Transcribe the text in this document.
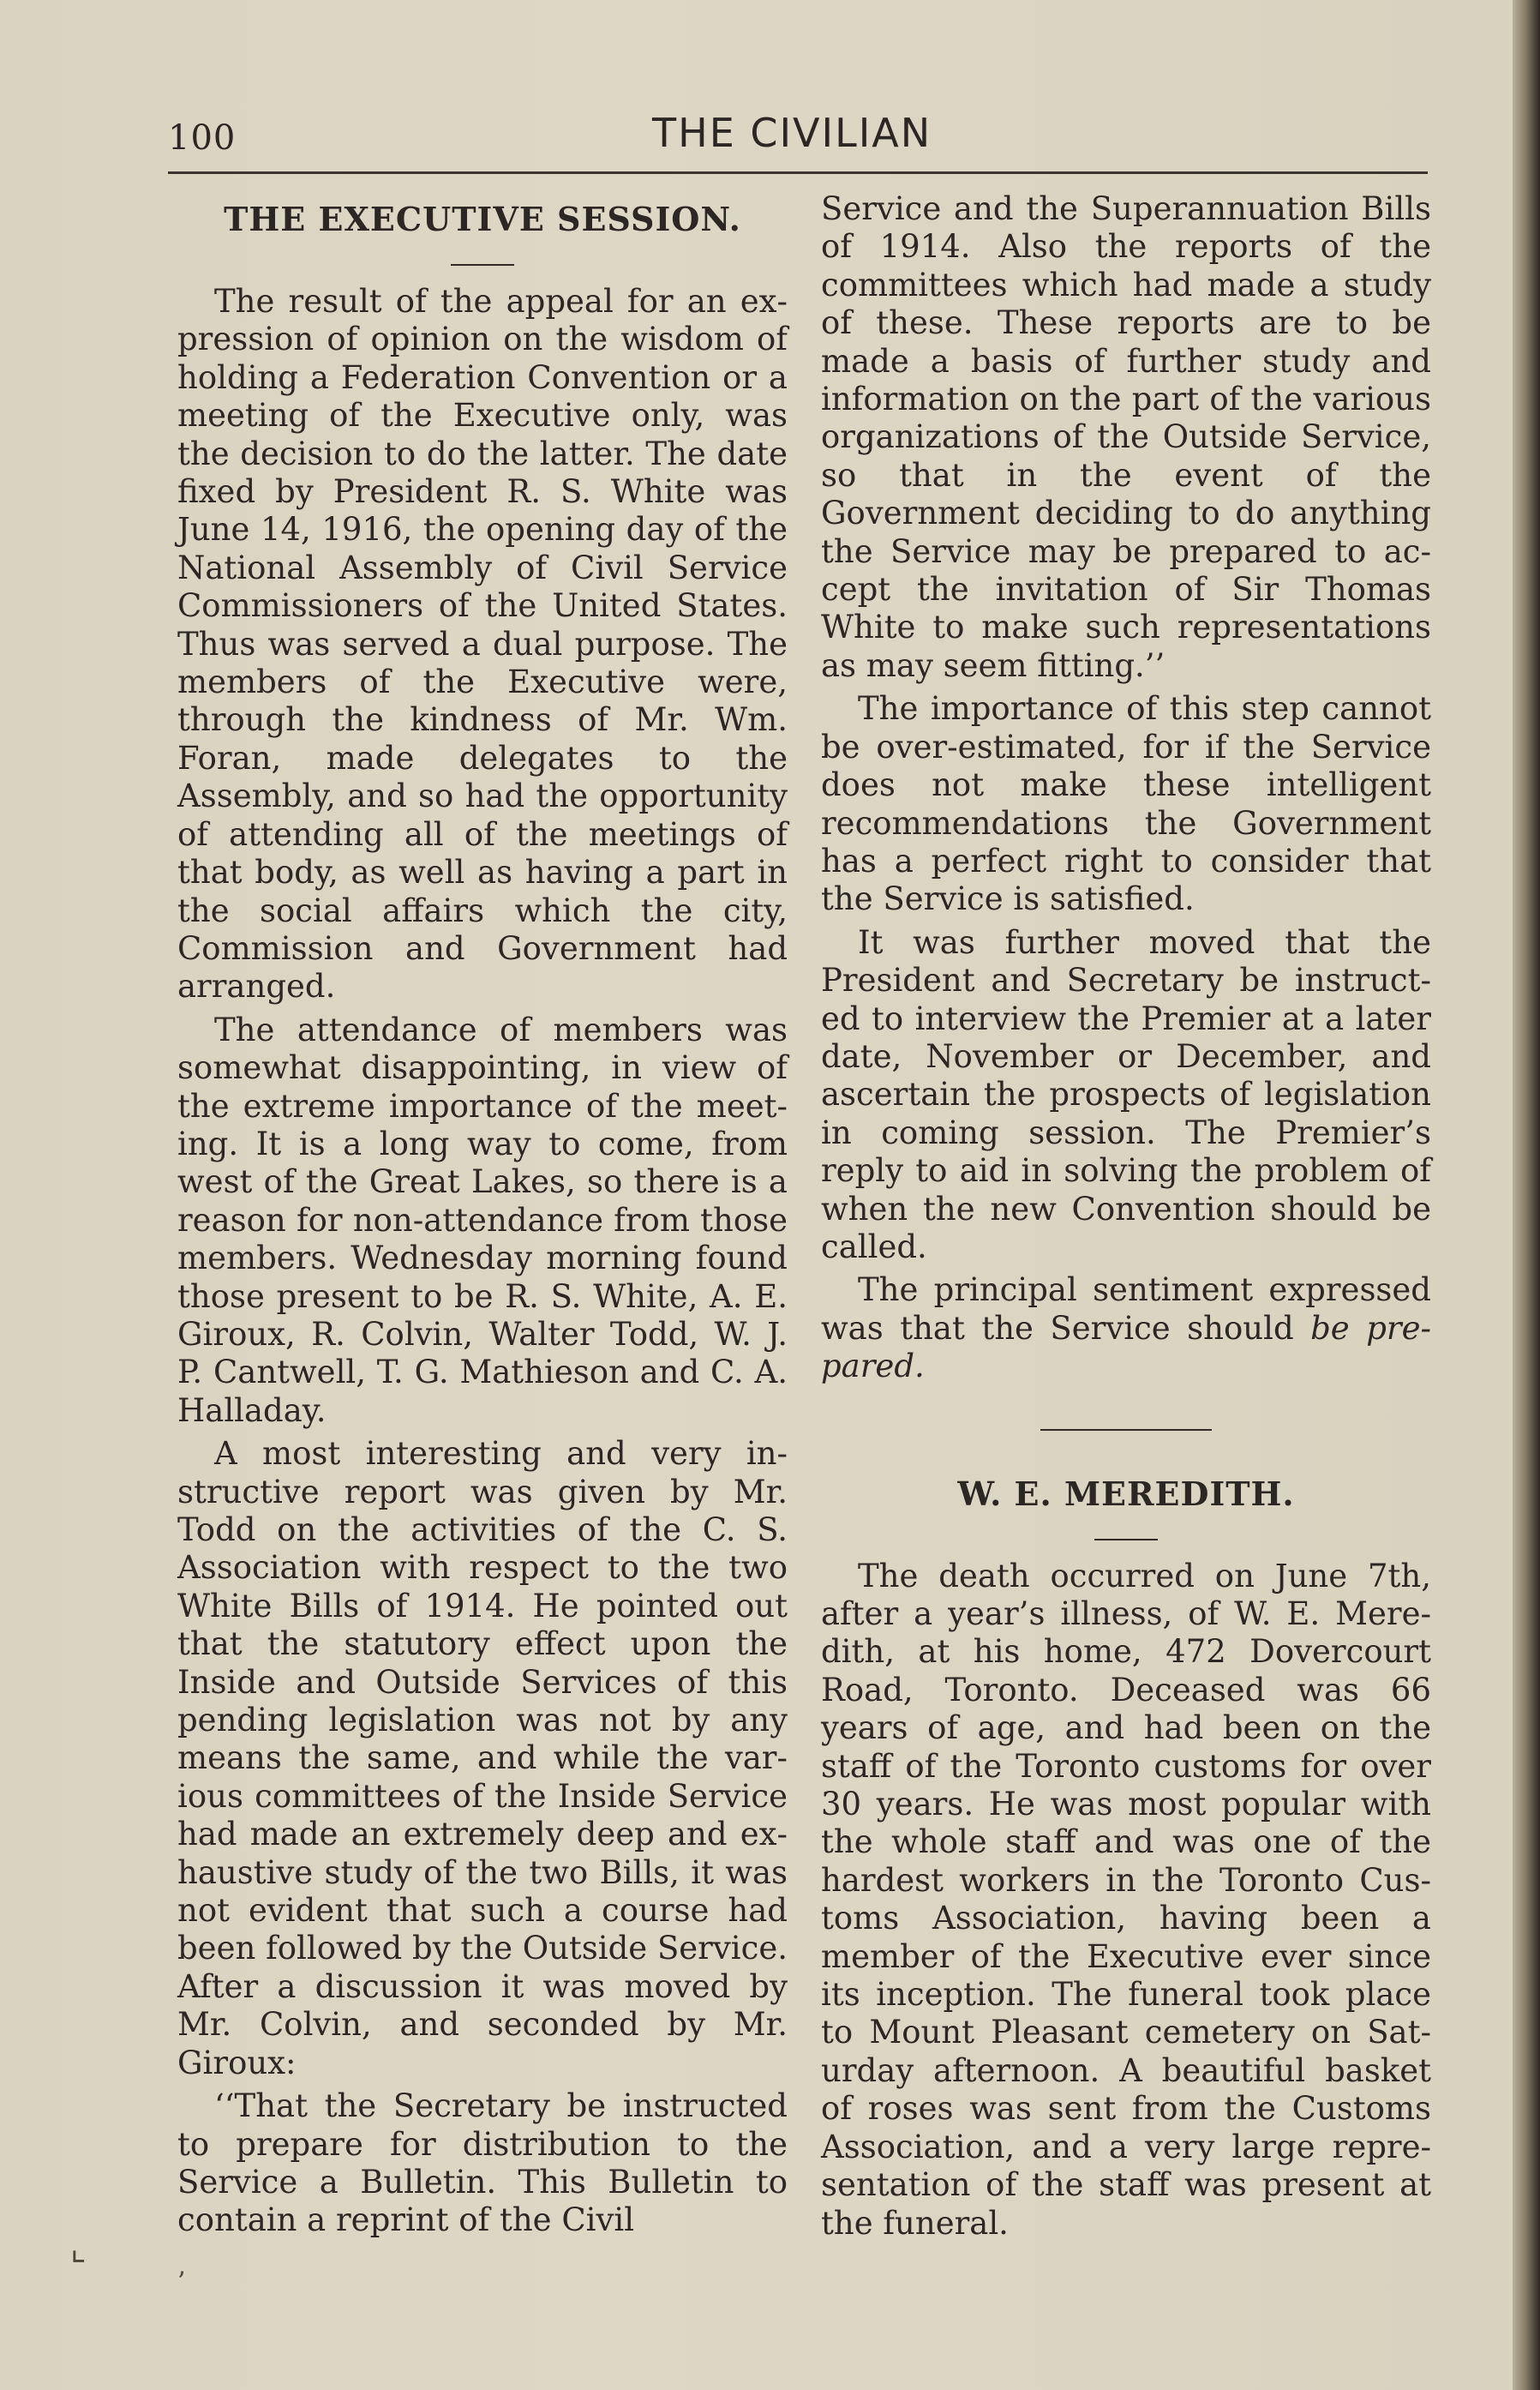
100	THE CIVILIAN
THE EXECUTIVE SESSION.

The result of the appeal for an expression of opinion on the wisdom of holding a Federation Convention or a meeting of the Executive only, was the decision to do the latter. The date fixed by President R. S. White was June 14, 1916, the opening day of the National Assembly of Civil Service Commissioners of the United States. Thus was served a dual purpose. The members of the Executive were, through the kindness of Mr. Wm. Foran, made delegates to the Assembly, and so had the opportunity of attending all of the meetings of that body, as well as having a part in the social affairs which the city, Commission and Government had arranged.

The attendance of members was somewhat disappointing, in view of the extreme importance of the meeting. It is a long way to come, from west of the Great Lakes, so there is a reason for non-attendance from those members. Wednesday morning found those present to be R. S. White, A. E. Giroux, R. Colvin, Walter Todd, W. J. P. Cantwell, T. G. Mathieson and C. A. Halladay.

A most interesting and very instructive report was given by Mr. Todd on the activities of the C. S. Association with respect to the two White Bills of 1914. He pointed out that the statutory effect upon the Inside and Outside Services of this pending legislation was not by any means the same, and while the various committees of the Inside Service had made an extremely deep and exhaustive study of the two Bills, it was not evident that such a course had been followed by the Outside Service. After a discussion it was moved by Mr. Colvin, and seconded by Mr. Giroux:

‘‘That the Secretary be instructed to prepare for distribution to the Service a Bulletin. This Bulletin to contain a reprint of the Civil

Service and the Superannuation Bills of 1914. Also the reports of the committees which had made a study of these. These reports are to be made a basis of further study and information on the part of the various organizations of the Outside Service, so that in the event of the Government deciding to do anything the Service may be prepared to accept the invitation of Sir Thomas White to make such representations as may seem fitting.’’

The importance of this step cannot be over-estimated, for if the Service does not make these intelligent recommendations the Government has a perfect right to consider that the Service is satisfied.

It was further moved that the President and Secretary be instructed to interview the Premier at a later date, November or December, and ascertain the prospects of legislation in coming session. The Premier’s reply to aid in solving the problem of when the new Convention should be called.

The principal sentiment expressed was that the Service should be prepared.

W. E. MEREDITH.

The death occurred on June 7th, after a year’s illness, of W. E. Meredith, at his home, 472 Dovercourt Road, Toronto. Deceased was 66 years of age, and had been on the staff of the Toronto customs for over 30 years. He was most popular with the whole staff and was one of the hardest workers in the Toronto Customs Association, having been a member of the Executive ever since its inception. The funeral took place to Mount Pleasant cemetery on Saturday afternoon. A beautiful basket of roses was sent from the Customs Association, and a very large representation of the staff was present at the funeral.

⌞
ʼ
